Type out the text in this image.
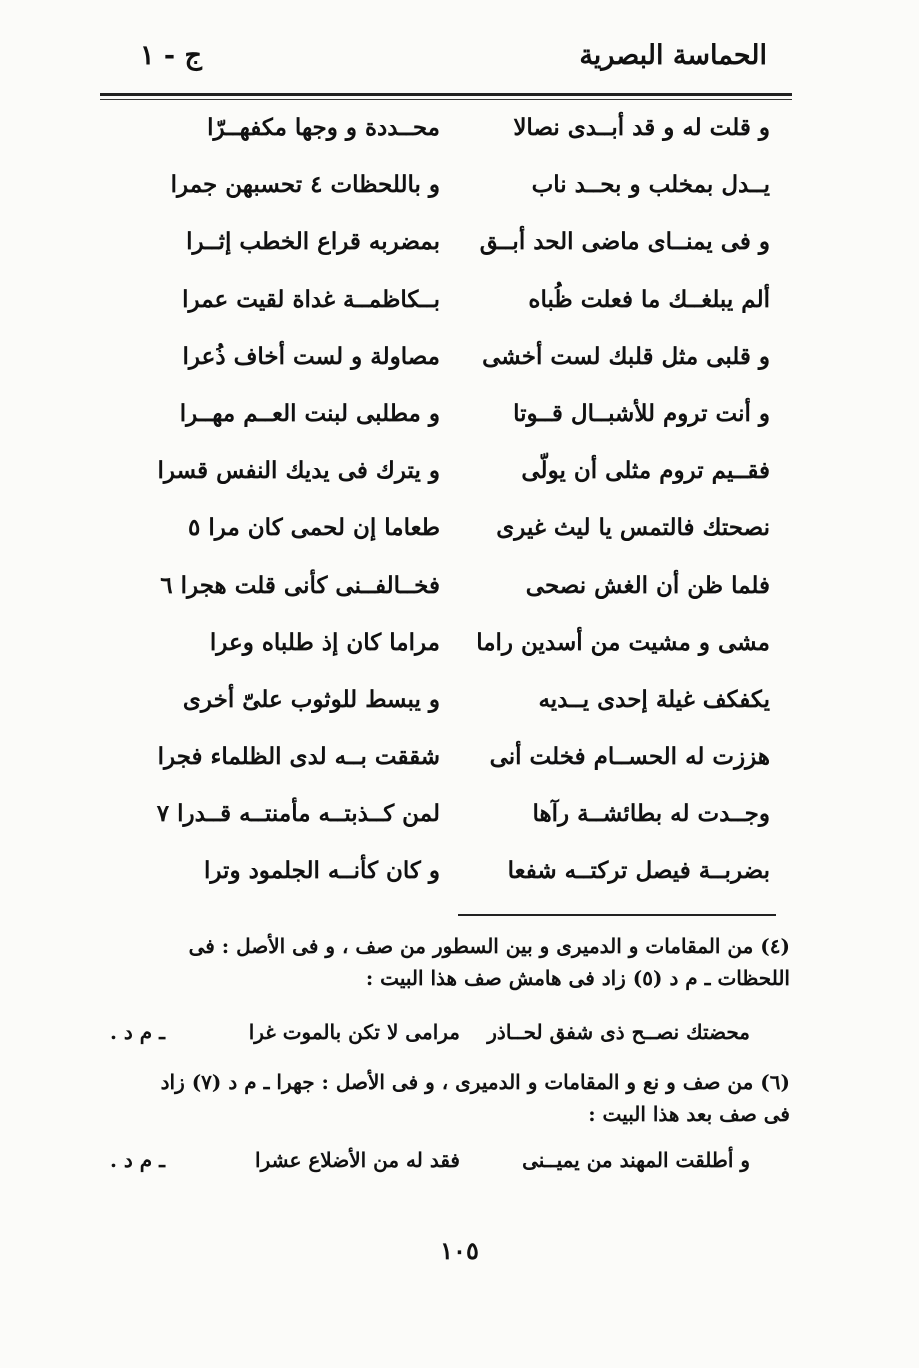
الحماسة البصرية
ج - ١
و قلت له و قد أبــدى نصالا
محــددة و وجها مكفهــرّا
يــدل بمخلب و بحــد ناب
و باللحظات ٤ تحسبهن جمرا
و فى يمنــاى ماضى الحد أبــق
بمضربه قراع الخطب إثــرا
ألم يبلغــك ما فعلت ظُباه
بــكاظمــة غداة لقيت عمرا
و قلبى مثل قلبك لست أخشى
مصاولة و لست أخاف ذُعرا
و أنت تروم للأشبــال قــوتا
و مطلبى لبنت العــم مهــرا
فقــيم تروم مثلى أن يولّى
و يترك فى يديك النفس قسرا
نصحتك فالتمس يا ليث غيرى
طعاما إن لحمى كان مرا ٥
فلما ظن أن الغش نصحى
فخــالفــنى كأنى قلت هجرا ٦
مشى و مشيت من أسدين راما
مراما كان إذ طلباه وعرا
يكفكف غيلة إحدى يــديه
و يبسط للوثوب علىّ أخرى
هززت له الحســام فخلت أنى
شققت بــه لدى الظلماء فجرا
وجــدت له بطائشــة رآها
لمن كــذبتــه مأمنتــه قــدرا ٧
بضربــة فيصل تركتــه شفعا
و كان كأنــه الجلمود وترا
(٤) من المقامات و الدميرى و بين السطور من صف ، و فى الأصل : فى
اللحظات ـ م د (٥) زاد فى هامش صف هذا البيت :
محضتك نصــح ذى شفق لحــاذر
مرامى لا تكن بالموت غرا
ـ م د .
(٦) من صف و نع و المقامات و الدميرى ، و فى الأصل : جهرا ـ م د (٧) زاد
فى صف بعد هذا البيت :
و أطلقت المهند من يميــنى
فقد له من الأضلاع عشرا
ـ م د .
١٠٥
